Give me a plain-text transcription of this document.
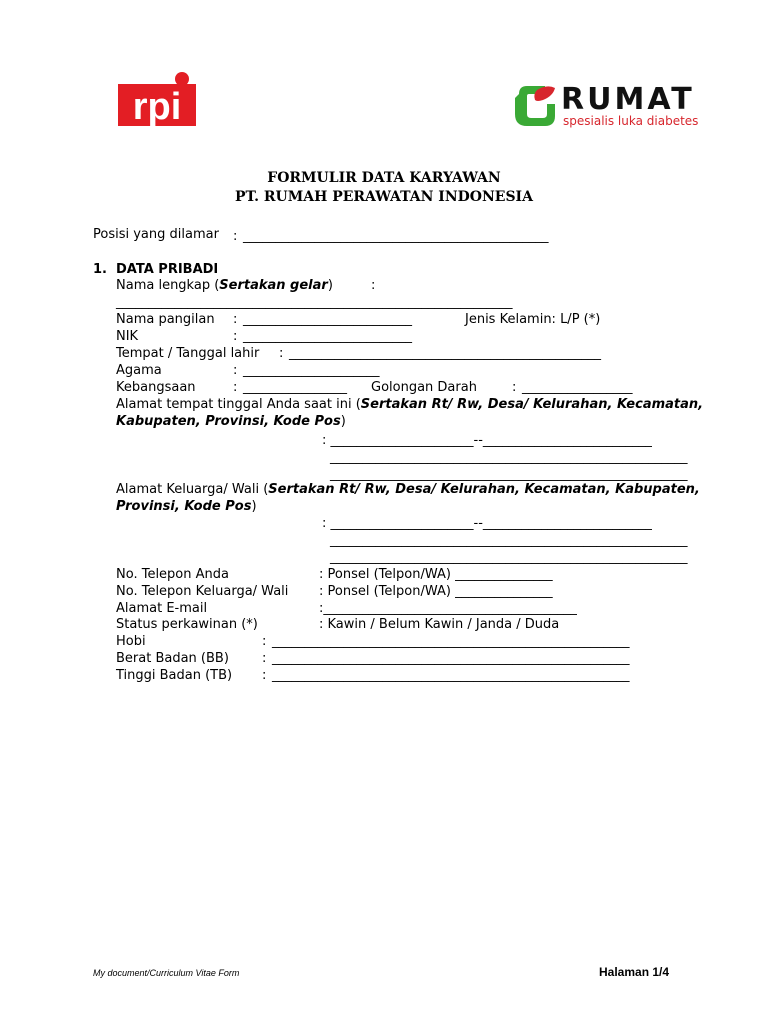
rpi	RUMAT
spesialis luka diabetes
FORMULIR DATA KARYAWAN
PT. RUMAH PERAWATAN INDONESIA
Posisi yang dilamar : _______________________________________________
1. DATA PRIBADI
Nama lengkap (Sertakan gelar)	:
_____________________________________________________________
Nama pangilan : __________________________	Jenis Kelamin: L/P (*)
NIK	: __________________________
Tempat / Tanggal lahir : ________________________________________________
Agama	: _____________________
Kebangsaan	: ________________ Golongan Darah	: _________________
Alamat tempat tinggal Anda saat ini (Sertakan Rt/ Rw, Desa/ Kelurahan, Kecamatan,
Kabupaten, Provinsi, Kode Pos)
: ______________________--__________________________
_______________________________________________________
_______________________________________________________
Alamat Keluarga/ Wali (Sertakan Rt/ Rw, Desa/ Kelurahan, Kecamatan, Kabupaten,
Provinsi, Kode Pos)
: ______________________--__________________________
_______________________________________________________
_______________________________________________________
No. Telepon Anda	: Ponsel (Telpon/WA) _______________
No. Telepon Keluarga/ Wali : Ponsel (Telpon/WA) _______________
Alamat E-mail	:_______________________________________
Status perkawinan (*)	: Kawin / Belum Kawin / Janda / Duda
Hobi	: _______________________________________________________
Berat Badan (BB)	: _______________________________________________________
Tinggi Badan (TB) : _______________________________________________________
My document/Curriculum Vitae Form	Halaman 1/4
